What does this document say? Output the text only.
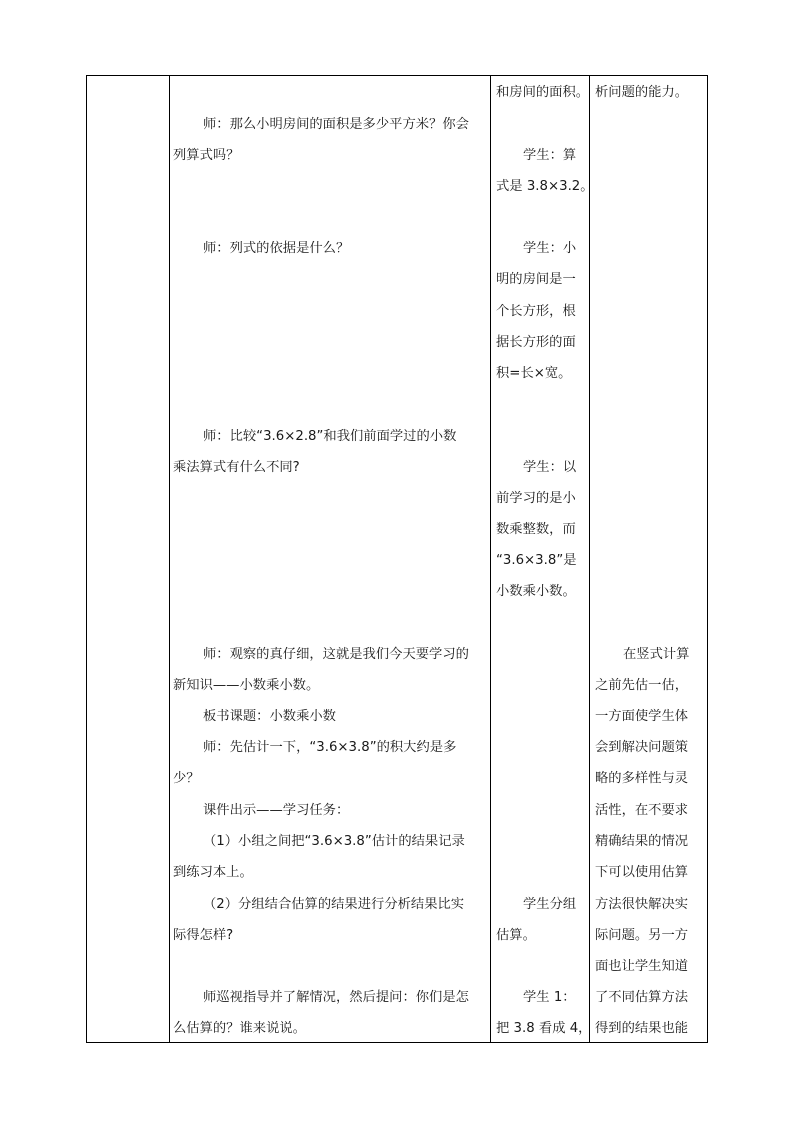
师：那么小明房间的面积是多少平方米？你会
列算式吗？
师：列式的依据是什么？
师：比较“3.6×2.8”和我们前面学过的小数
乘法算式有什么不同?
师：观察的真仔细，这就是我们今天要学习的
新知识——小数乘小数。
板书课题：小数乘小数
师：先估计一下，“3.6×3.8”的积大约是多
少？
课件出示——学习任务：
（1）小组之间把“3.6×3.8”估计的结果记录
到练习本上。
（2）分组结合估算的结果进行分析结果比实
际得怎样?
师巡视指导并了解情况，然后提问：你们是怎
么估算的？谁来说说。
和房间的面积。
学生：算
式是 3.8×3.2。
学生：小
明的房间是一
个长方形，根
据长方形的面
积=长×宽。
学生：以
前学习的是小
数乘整数，而
“3.6×3.8”是
小数乘小数。
学生分组
估算。
学生 1：
把 3.8 看成 4，
析问题的能力。
在竖式计算
之前先估一估，
一方面使学生体
会到解决问题策
略的多样性与灵
活性，在不要求
精确结果的情况
下可以使用估算
方法很快解决实
际问题。另一方
面也让学生知道
了不同估算方法
得到的结果也能
